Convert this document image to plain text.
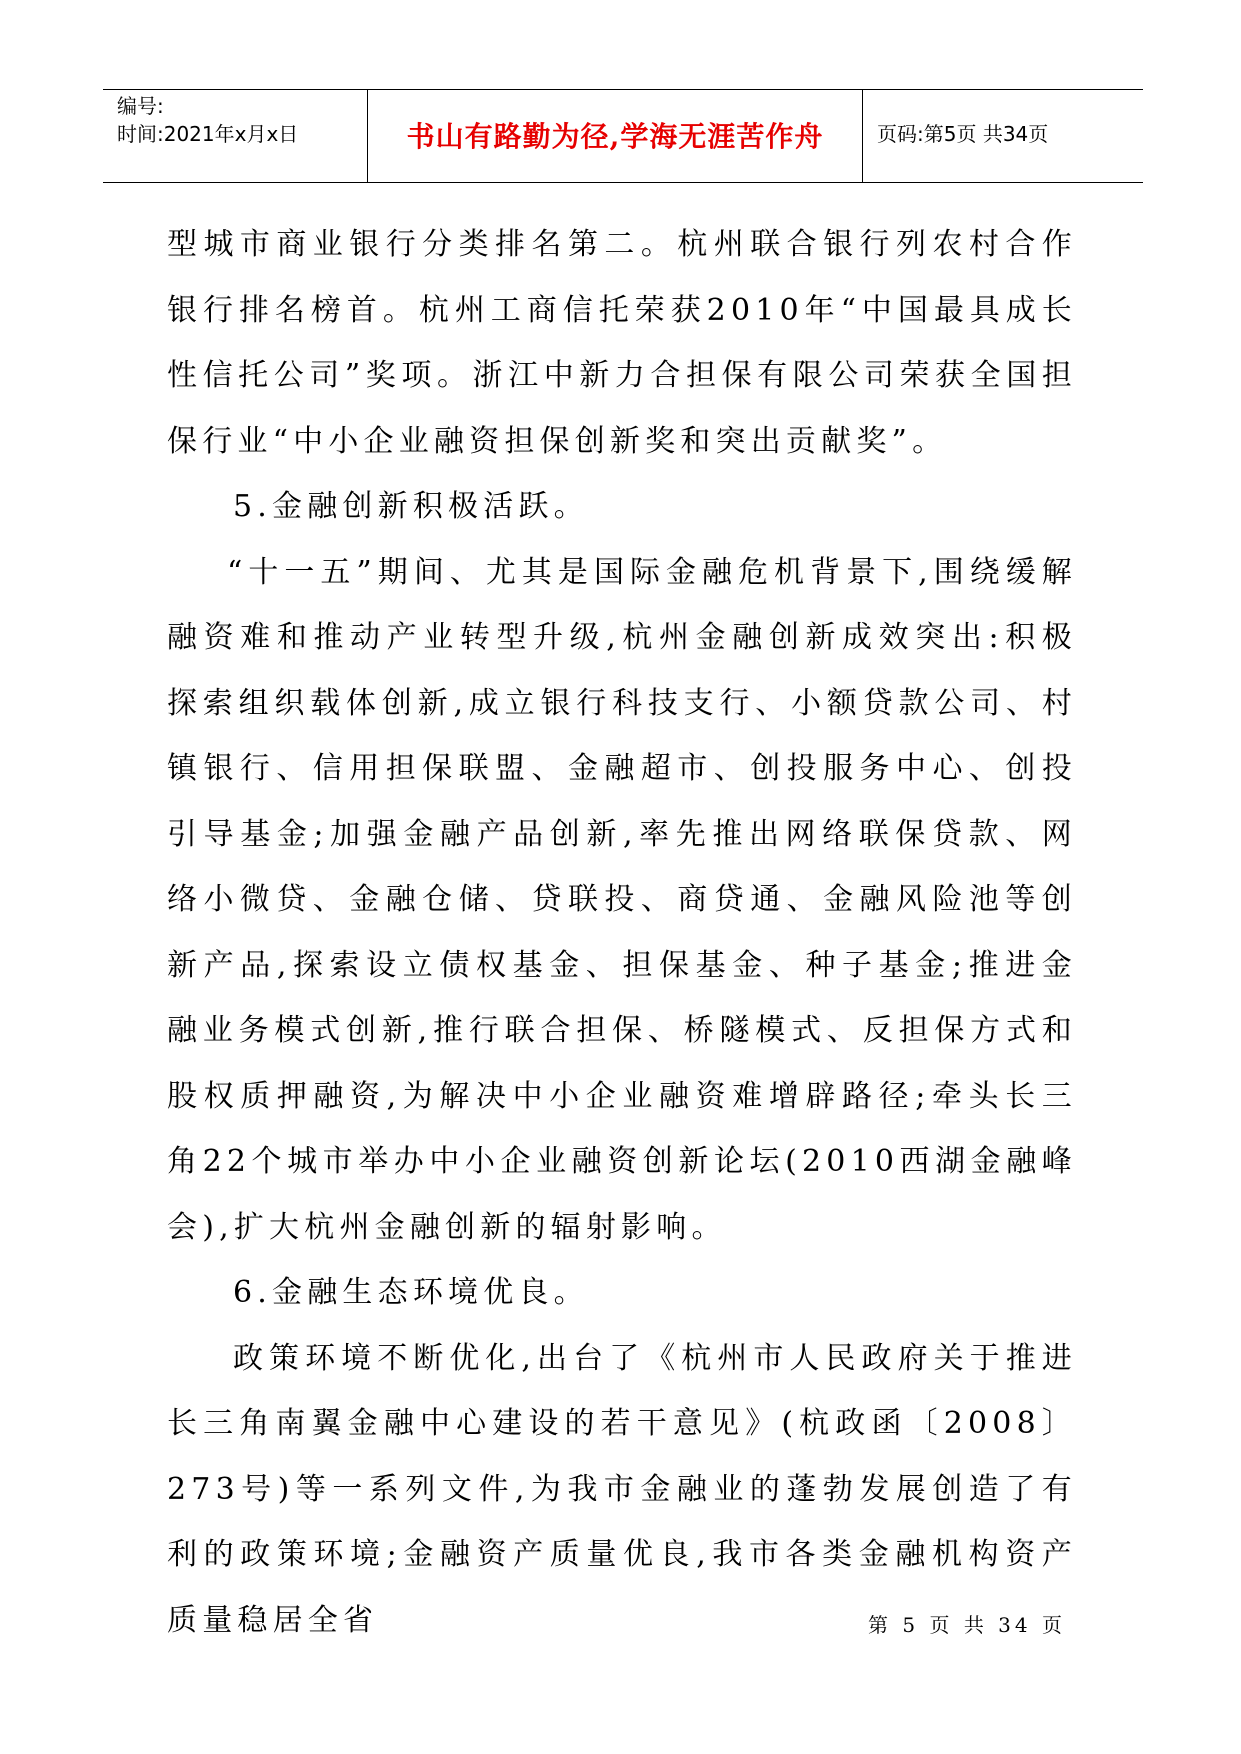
编号:
时间:2021年x月x日	书山有路勤为径,学海无涯苦作舟	页码:第5页 共34页

型城市商业银行分类排名第二。杭州联合银行列农村合作银行排名榜首。杭州工商信托荣获2010年“中国最具成长性信托公司”奖项。浙江中新力合担保有限公司荣获全国担保行业“中小企业融资担保创新奖和突出贡献奖”。

5.金融创新积极活跃。

“十一五”期间、尤其是国际金融危机背景下,围绕缓解融资难和推动产业转型升级,杭州金融创新成效突出:积极探索组织载体创新,成立银行科技支行、小额贷款公司、村镇银行、信用担保联盟、金融超市、创投服务中心、创投引导基金;加强金融产品创新,率先推出网络联保贷款、网络小微贷、金融仓储、贷联投、商贷通、金融风险池等创新产品,探索设立债权基金、担保基金、种子基金;推进金融业务模式创新,推行联合担保、桥隧模式、反担保方式和股权质押融资,为解决中小企业融资难增辟路径;牵头长三角22个城市举办中小企业融资创新论坛(2010西湖金融峰会),扩大杭州金融创新的辐射影响。

6.金融生态环境优良。

政策环境不断优化,出台了《杭州市人民政府关于推进长三角南翼金融中心建设的若干意见》(杭政函〔2008〕273号)等一系列文件,为我市金融业的蓬勃发展创造了有利的政策环境;金融资产质量优良,我市各类金融机构资产质量稳居全省	第 5 页 共 34 页
